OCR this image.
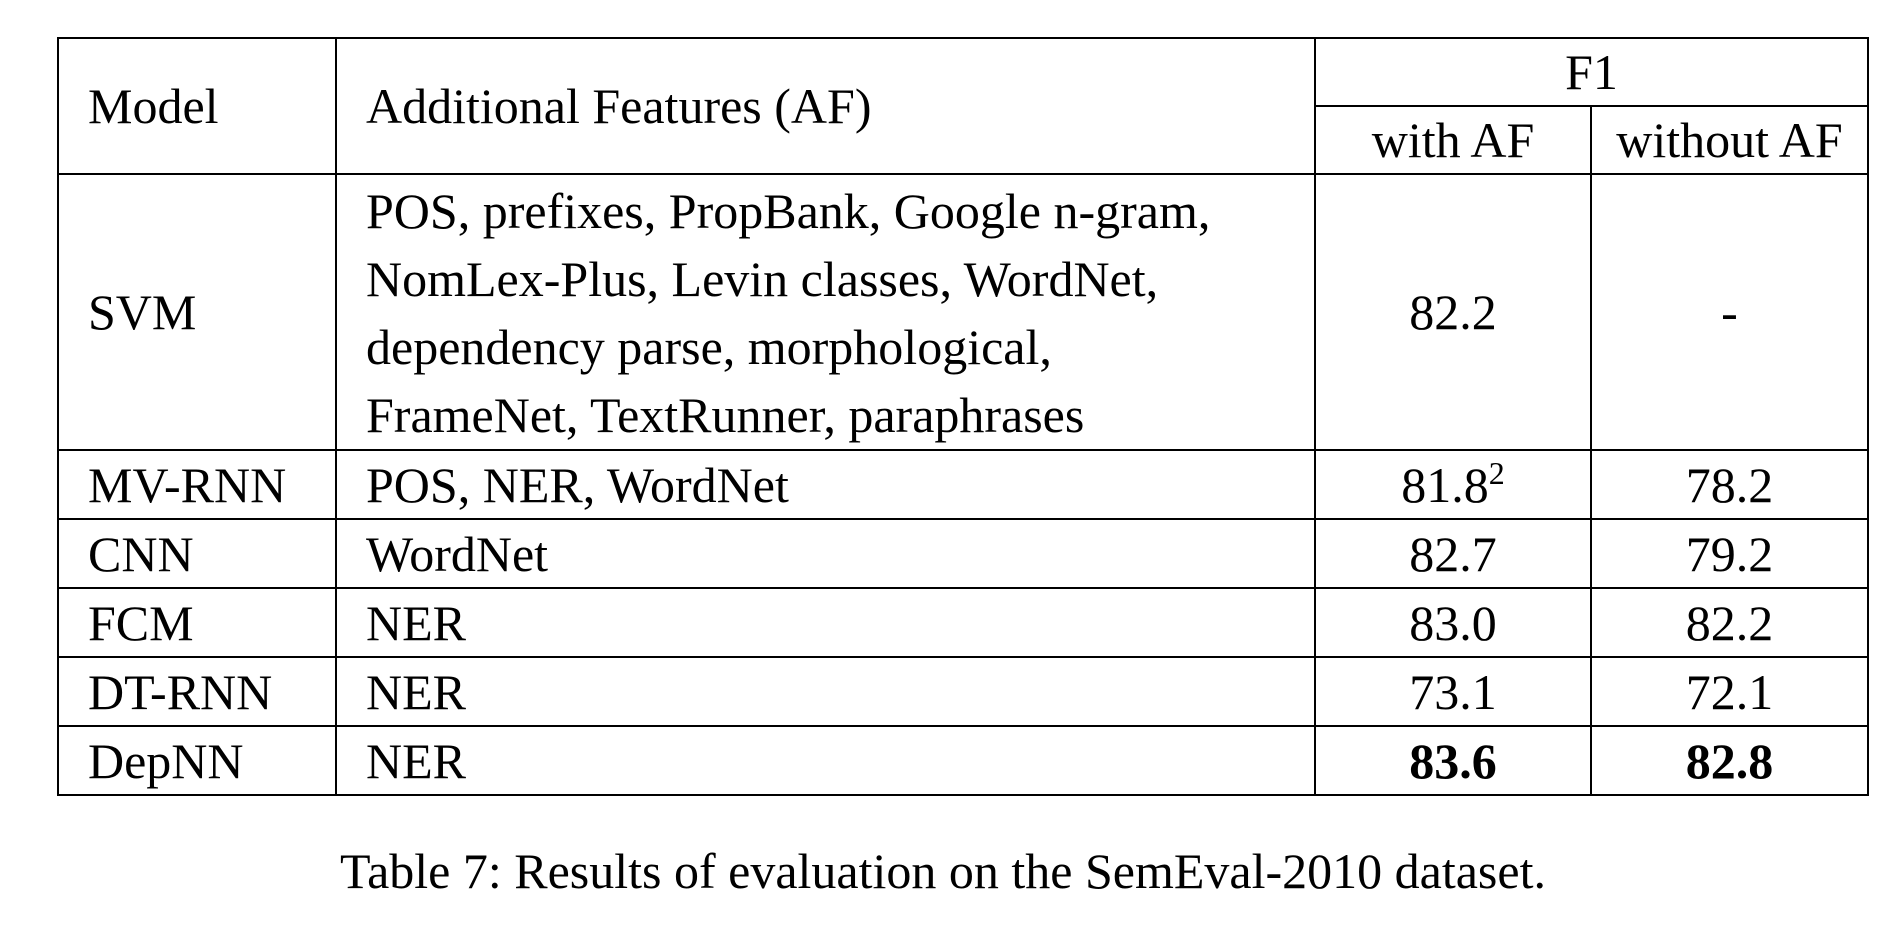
Model	Additional Features (AF)	F1	
		with AF	without AF
SVM	POS, prefixes, PropBank, Google n-gram,
NomLex-Plus, Levin classes, WordNet,
dependency parse, morphological,
FrameNet, TextRunner, paraphrases	82.2	-
MV-RNN	POS, NER, WordNet	81.8$^2$	78.2
CNN	WordNet	82.7	79.2
FCM	NER	83.0	82.2
DT-RNN	NER	73.1	72.1
DepNN	NER	83.6	82.8
Table 7: Results of evaluation on the SemEval-2010 dataset.
